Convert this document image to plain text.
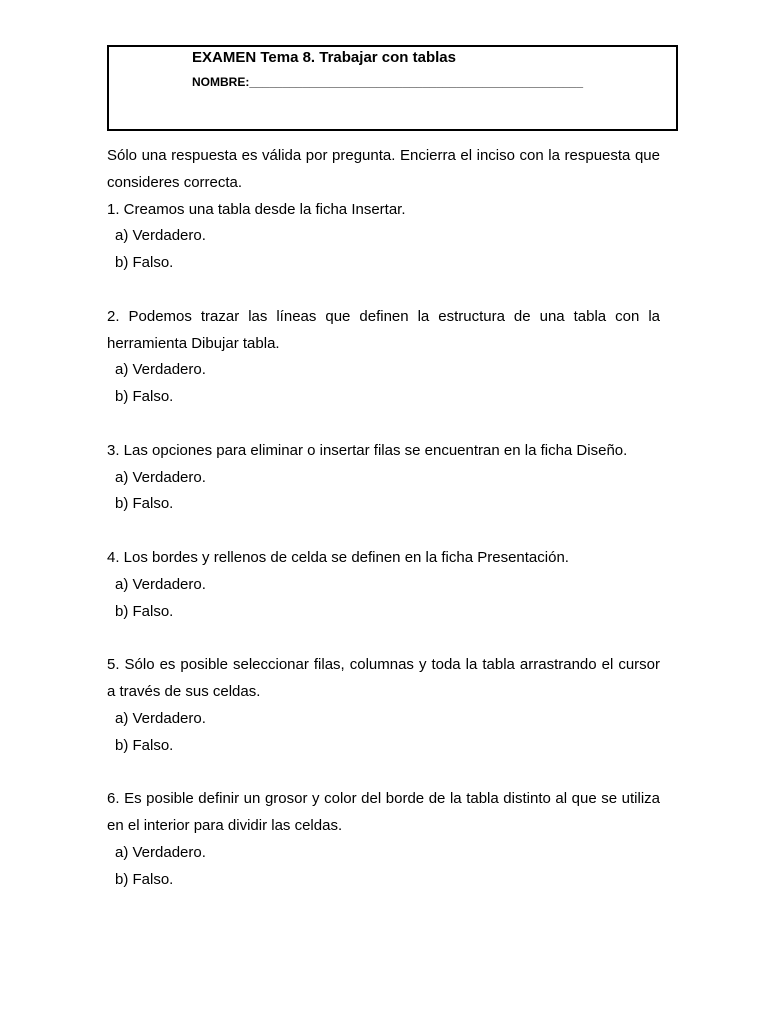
EXAMEN Tema 8. Trabajar con tablas
NOMBRE:__________________________________________________

Sólo una respuesta es válida por pregunta. Encierra el inciso con la respuesta que consideres correcta.

1. Creamos una tabla desde la ficha Insertar.

a) Verdadero.

b) Falso.

2. Podemos trazar las líneas que definen la estructura de una tabla con la herramienta Dibujar tabla.

a) Verdadero.

b) Falso.

3. Las opciones para eliminar o insertar filas se encuentran en la ficha Diseño.

a) Verdadero.

b) Falso.

4. Los bordes y rellenos de celda se definen en la ficha Presentación.

a) Verdadero.

b) Falso.

5. Sólo es posible seleccionar filas, columnas y toda la tabla arrastrando el cursor a través de sus celdas.

a) Verdadero.

b) Falso.

6. Es posible definir un grosor y color del borde de la tabla distinto al que se utiliza en el interior para dividir las celdas.

a) Verdadero.

b) Falso.
